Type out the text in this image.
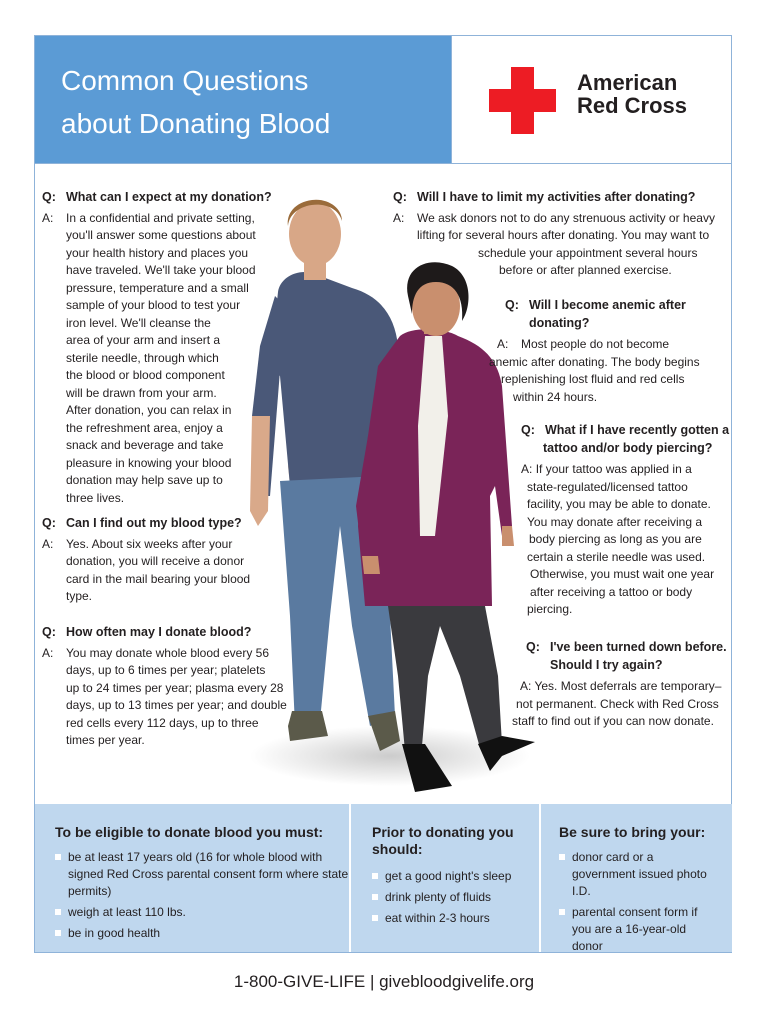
Common Questions
about Donating Blood
American
Red Cross
Q: What can I expect at my donation?
A:	In a confidential and private setting,
you'll answer some questions about
your health history and places you
have traveled. We'll take your blood
pressure, temperature and a small
sample of your blood to test your
iron level. We'll cleanse the
area of your arm and insert a
sterile needle, through which
the blood or blood component
will be drawn from your arm.
After donation, you can relax in
the refreshment area, enjoy a
snack and beverage and take
pleasure in knowing your blood
donation may help save up to
three lives.
Q: Can I find out my blood type?
A:	Yes. About six weeks after your
donation, you will receive a donor
card in the mail bearing your blood
type.
Q: How often may I donate blood?
A:	You may donate whole blood every 56
days, up to 6 times per year; platelets
up to 24 times per year; plasma every 28
days, up to 13 times per year; and double
red cells every 112 days, up to three
times per year.
Q: Will I have to limit my activities after donating?
A:	We ask donors not to do any strenuous activity or heavy
lifting for several hours after donating. You may want to
schedule your appointment several hours
before or after planned exercise.
Q: Will I become anemic after
donating?
A: Most people do not become
anemic after donating. The body begins
replenishing lost fluid and red cells
within 24 hours.
Q: What if I have recently gotten a
tattoo and/or body piercing?
A: If your tattoo was applied in a
state-regulated/licensed tattoo
facility, you may be able to donate.
You may donate after receiving a
body piercing as long as you are
certain a sterile needle was used.
Otherwise, you must wait one year
after receiving a tattoo or body
piercing.
Q: I've been turned down before.
Should I try again?
A: Yes. Most deferrals are temporary–
not permanent. Check with Red Cross
staff to find out if you can now donate.
To be eligible to donate blood you must:
be at least 17 years old (16 for whole blood with signed Red Cross parental consent form where state permits)
weigh at least 110 lbs.
be in good health
Prior to donating you should:
get a good night's sleep
drink plenty of fluids
eat within 2-3 hours
Be sure to bring your:
donor card or a government issued photo I.D.
parental consent form if you are a 16-year-old donor
1-800-GIVE-LIFE | givebloodgivelife.org
